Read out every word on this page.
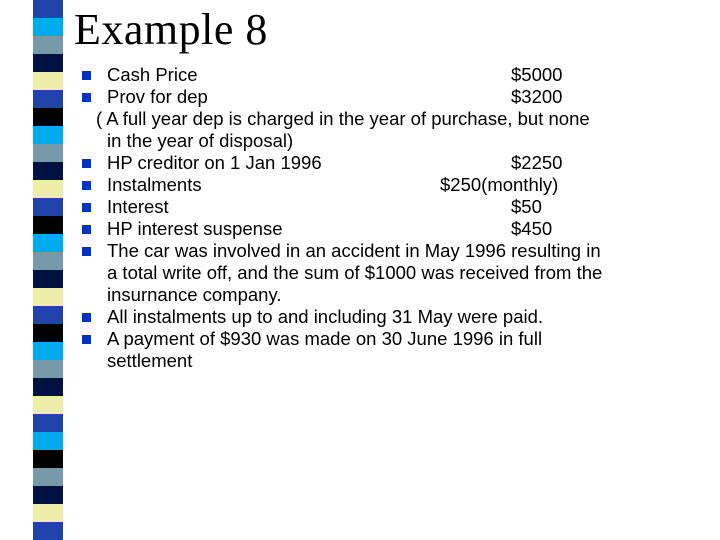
Example 8
Cash Price	$5000
Prov for dep	$3200
( A full year dep is charged in the year of purchase, but none
in the year of disposal)
HP creditor on 1 Jan 1996	$2250
Instalments	$250(monthly)
Interest	$50
HP interest suspense	$450
The car was involved in an accident in May 1996 resulting in
a total write off, and the sum of $1000 was received from the
insurnance company.
All instalments up to and including 31 May were paid.
A payment of $930 was made on 30 June 1996 in full
settlement
